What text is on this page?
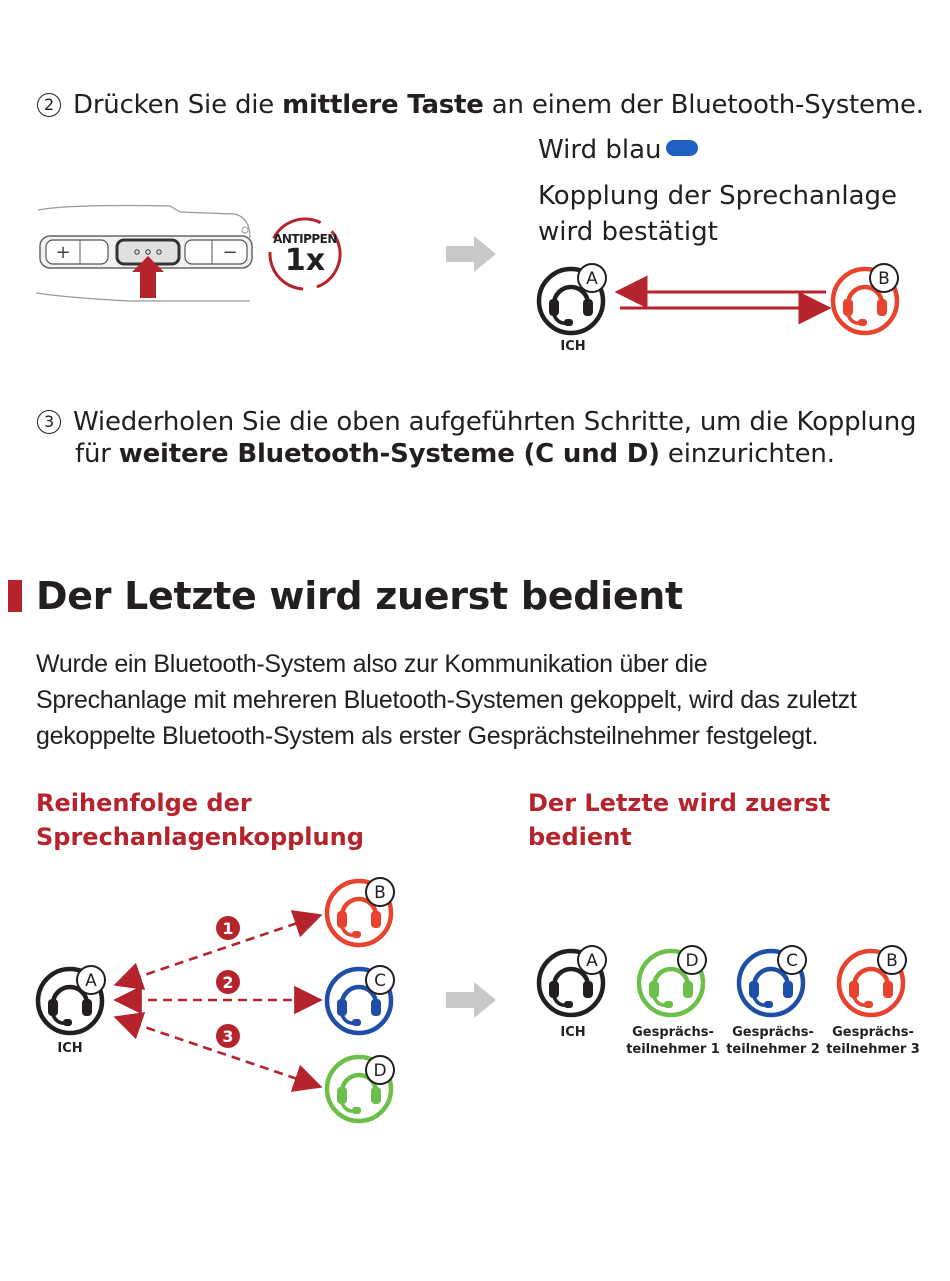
2 Drücken Sie die mittlere Taste an einem der Bluetooth-Systeme.
+	−
ANTIPPEN
1x
Wird blau
Kopplung der Sprechanlage
wird bestätigt
A	B
ICH
3 Wiederholen Sie die oben aufgeführten Schritte, um die Kopplung
für weitere Bluetooth-Systeme (C und D) einzurichten.
Der Letzte wird zuerst bedient
Wurde ein Bluetooth-System also zur Kommunikation über die
Sprechanlage mit mehreren Bluetooth-Systemen gekoppelt, wird das zuletzt
gekoppelte Bluetooth-System als erster Gesprächsteilnehmer festgelegt.
Reihenfolge der
Sprechanlagenkopplung
A
1
2
3
B
C
D
ICH
Der Letzte wird zuerst
bedient
A	D	C	B
ICH	Gesprächs-
teilnehmer 1
Gesprächs-
teilnehmer 2
Gesprächs-
teilnehmer 3
